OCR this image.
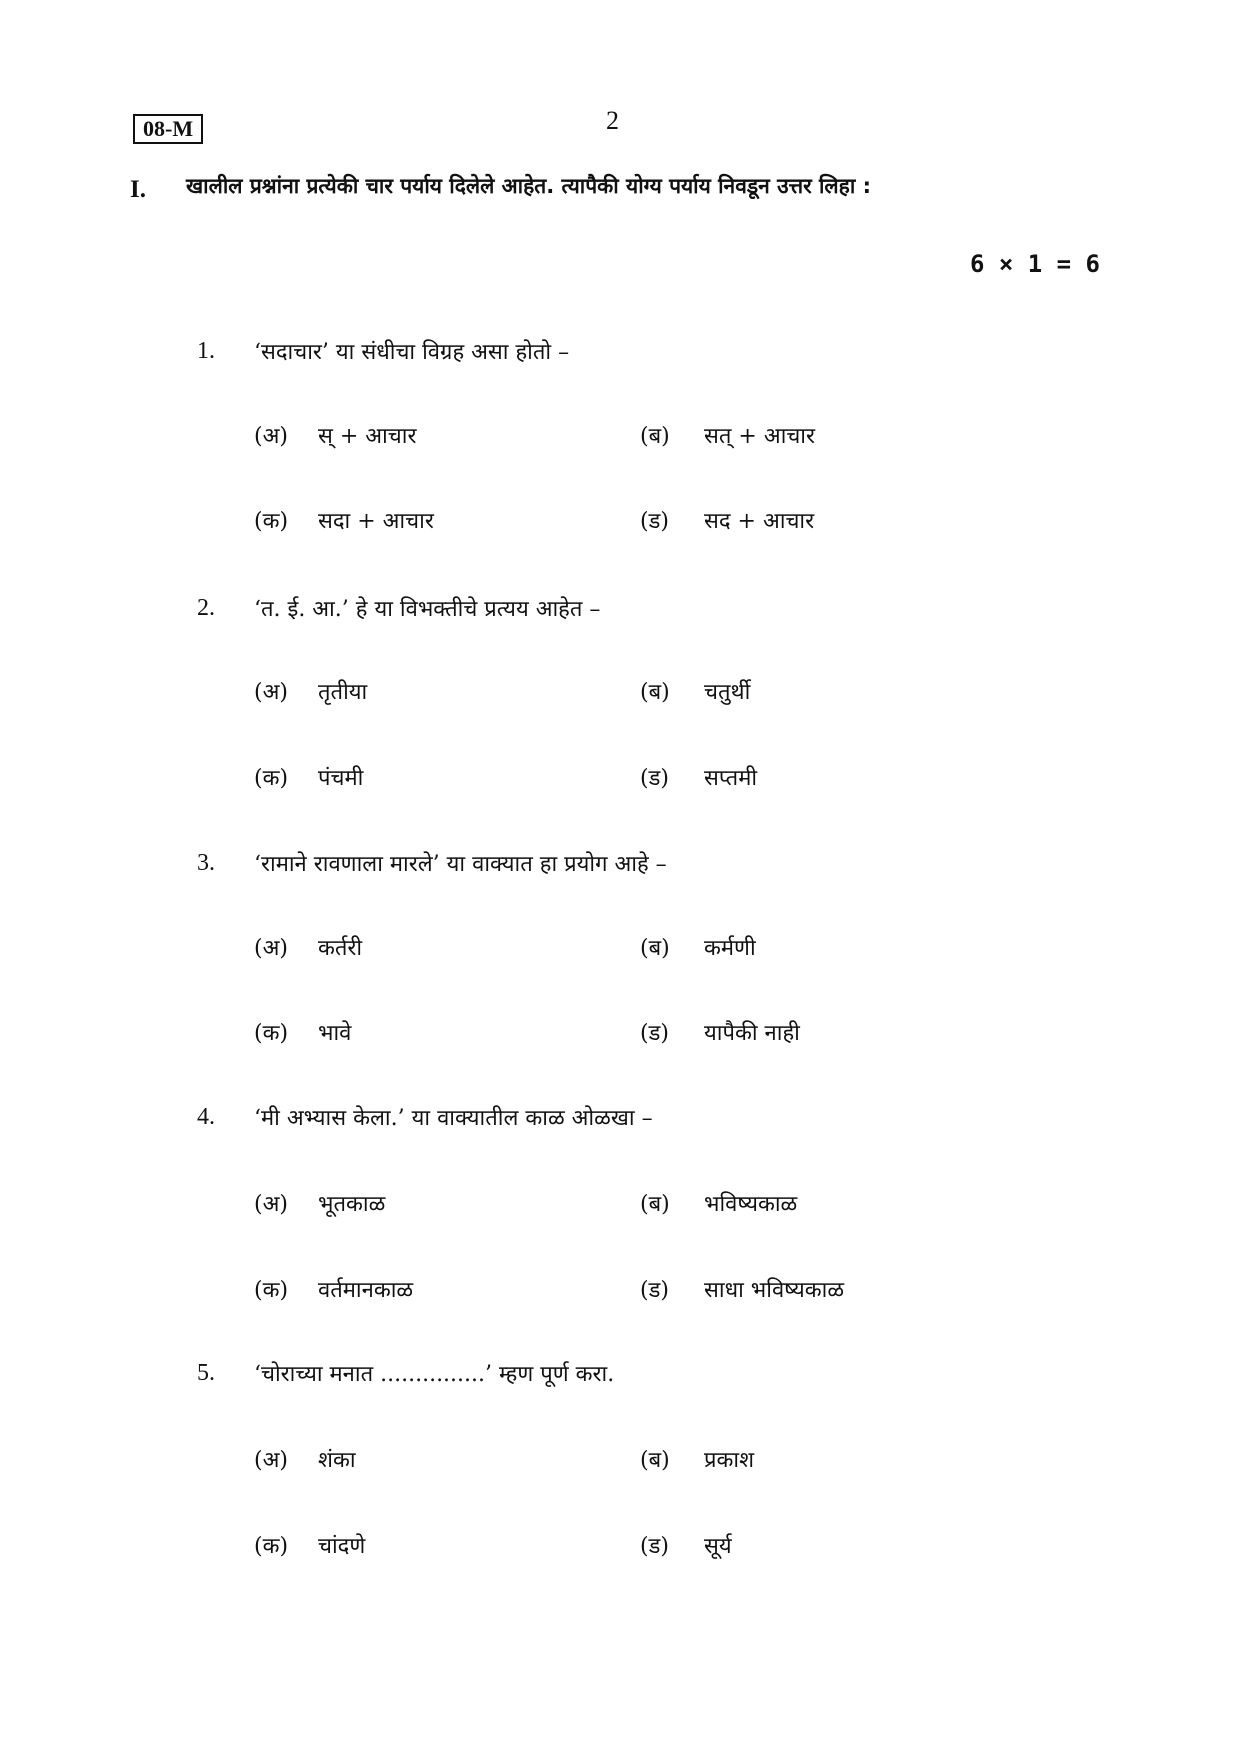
08-M	2
I. खालील प्रश्नांना प्रत्येकी चार पर्याय दिलेले आहेत. त्यापैकी योग्य पर्याय निवडून उत्तर लिहा :
6 × 1 = 6
1. ‘सदाचार’ या संधीचा विग्रह असा होतो –
(अ) स् + आचार	(ब) सत् + आचार
(क) सदा + आचार	(ड) सद + आचार
2. ‘त. ई. आ.’ हे या विभक्तीचे प्रत्यय आहेत –
(अ) तृतीया	(ब) चतुर्थी
(क) पंचमी	(ड) सप्तमी
3. ‘रामाने रावणाला मारले’ या वाक्यात हा प्रयोग आहे –
(अ) कर्तरी	(ब) कर्मणी
(क) भावे	(ड) यापैकी नाही
4. ‘मी अभ्यास केला.’ या वाक्यातील काळ ओळखा –
(अ) भूतकाळ	(ब) भविष्यकाळ
(क) वर्तमानकाळ	(ड) साधा भविष्यकाळ
5. ‘चोराच्या मनात ...............’ म्हण पूर्ण करा.
(अ) शंका	(ब) प्रकाश
(क) चांदणे	(ड) सूर्य
